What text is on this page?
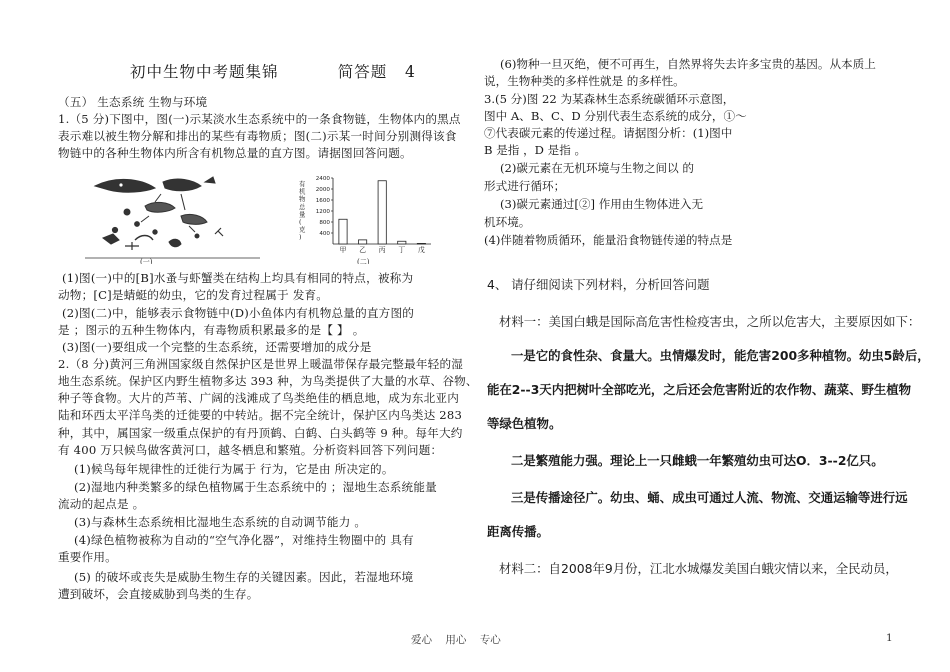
初中生物中考题集锦          简答题   4
（五） 生态系统 生物与环境
1.（5 分)下图中，图(一)示某淡水生态系统中的一条食物链，生物体内的黑点
表示难以被生物分解和排出的某些有毒物质；图(二)示某一时间分别测得该食
物链中的各种生物体内所含有机物总量的直方图。请据图回答问题。
(1)图(一)中的[B]水蚤与虾蟹类在结构上均具有相同的特点，被称为
动物；[C]是蜻蜓的幼虫，它的发育过程属于 发育。
(2)图(二)中，能够表示食物链中(D)小鱼体内有机物总量的直方图的
是 ；图示的五种生物体内，有毒物质积累最多的是【 】 。
(3)图(一)要组成一个完整的生态系统，还需要增加的成分是
2.（8 分)黄河三角洲国家级自然保护区是世界上暖温带保存最完整最年轻的湿
地生态系统。保护区内野生植物多达 393 种，为鸟类提供了大量的水草、谷物、
种子等食物。大片的芦苇、广阔的浅滩成了鸟类绝佳的栖息地，成为东北亚内
陆和环西太平洋鸟类的迁徙要的中转站。据不完全统计，保护区内鸟类达 283
种，其中，属国家一级重点保护的有丹顶鹤、白鹤、白头鹤等 9 种。每年大约
有 400 万只候鸟做客黄河口，越冬栖息和繁殖。分析资料回答下列问题：
(1)候鸟每年规律性的迁徙行为属于 行为，它是由 所决定的。
(2)湿地内种类繁多的绿色植物属于生态系统中的 ；湿地生态系统能量
流动的起点是 。
(3)与森林生态系统相比湿地生态系统的自动调节能力 。
(4)绿色植物被称为自动的“空气净化器”，对维持生物圈中的 具有
重要作用。
(5) 的破坏或丧失是威胁生物生存的关键因素。因此，若湿地环境
遭到破坏，会直接威胁到鸟类的生存。
(一)
有
机
物
总
量
(
克
)
2400
2000
1600
1200
800
400
甲 乙 丙 丁 戊
(二)
(6)物种一旦灭绝，便不可再生，自然界将失去许多宝贵的基因。从本质上
说，生物种类的多样性就是 的多样性。
3.(5 分)图 22 为某森林生态系统碳循环示意图，
图中 A、B、C、D 分别代表生态系统的成分，①～
⑦代表碳元素的传递过程。请据图分析：(1)图中
B 是指 ，D 是指 。
(2)碳元素在无机环境与生物之间以 的
形式进行循环；
(3)碳元素通过[②] 作用由生物体进入无
机环境。
(4)伴随着物质循环，能量沿食物链传递的特点是
4、 请仔细阅读下列材料，分析回答问题
材料一：美国白蛾是国际高危害性检疫害虫，之所以危害大，主要原因如下：
一是它的食性杂、食量大。虫情爆发时，能危害200多种植物。幼虫5龄后，
能在2--3天内把树叶全部吃光，之后还会危害附近的农作物、蔬菜、野生植物
等绿色植物。
二是繁殖能力强。理论上一只雌蛾一年繁殖幼虫可达O．3--2亿只。
三是传播途径广。幼虫、蛹、成虫可通过人流、物流、交通运输等进行远
距离传播。
材料二：自2008年9月份，江北水城爆发美国白蛾灾情以来，全民动员，
爱心    用心    专心	1
